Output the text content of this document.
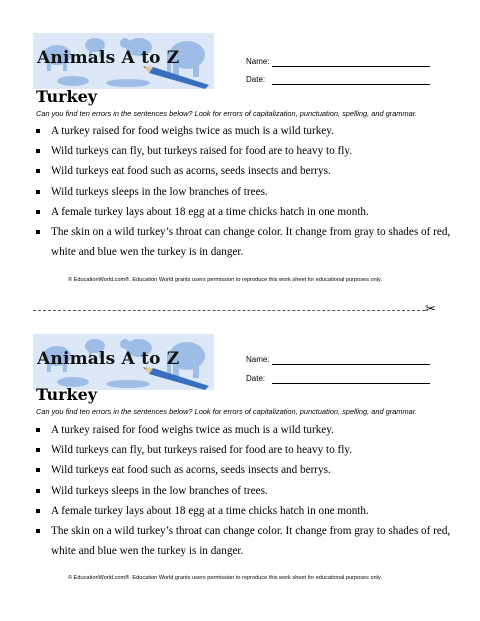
Animals A to Z	Name:
Date:
Turkey
Can you find ten errors in the sentences below? Look for errors of capitalization, punctuation, spelling, and grammar.
A turkey raised for food weighs twice as much is a wild turkey.
Wild turkeys can fly, but turkeys raised for food are to heavy to fly.
Wild turkeys eat food such as acorns, seeds insects and berrys.
Wild turkeys sleeps in the low branches of trees.
A female turkey lays about 18 egg at a time chicks hatch in one month.
The skin on a wild turkey’s throat can change color. It change from gray to shades of red, white and blue wen the turkey is in danger.
© EducationWorld.com®. Education World grants users permission to reproduce this work sheet for educational purposes only.
✂
Animals A to Z	Name:
Date:
Turkey
Can you find ten errors in the sentences below? Look for errors of capitalization, punctuation, spelling, and grammar.
A turkey raised for food weighs twice as much is a wild turkey.
Wild turkeys can fly, but turkeys raised for food are to heavy to fly.
Wild turkeys eat food such as acorns, seeds insects and berrys.
Wild turkeys sleeps in the low branches of trees.
A female turkey lays about 18 egg at a time chicks hatch in one month.
The skin on a wild turkey’s throat can change color. It change from gray to shades of red, white and blue wen the turkey is in danger.
© EducationWorld.com®. Education World grants users permission to reproduce this work sheet for educational purposes only.
